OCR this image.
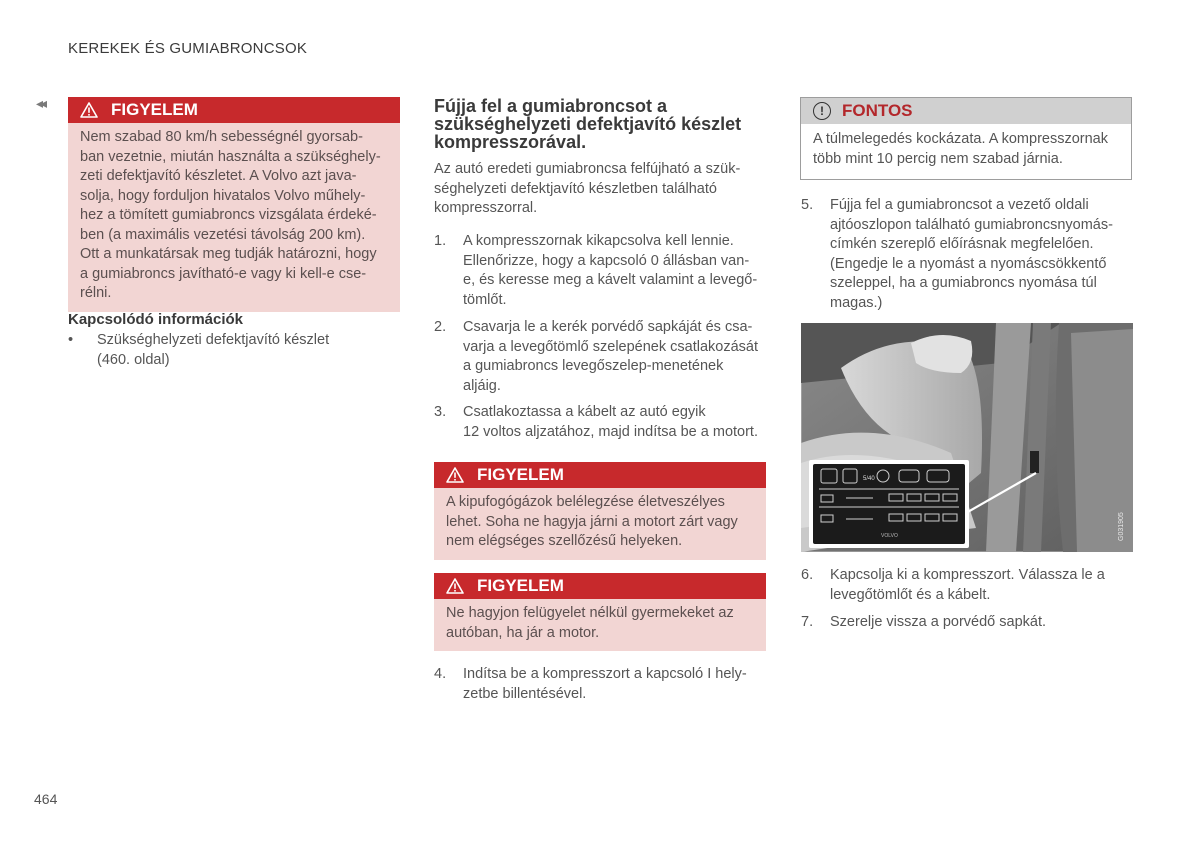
KEREKEK ÉS GUMIABRONCSOK
◂◂	FIGYELEM
Nem szabad 80 km/h sebességnél gyorsab-
ban vezetnie, miután használta a szükséghely-
zeti defektjavító készletet. A Volvo azt java-
solja, hogy forduljon hivatalos Volvo műhely-
hez a tömített gumiabroncs vizsgálata érdeké-
ben (a maximális vezetési távolság 200 km).
Ott a munkatársak meg tudják határozni, hogy
a gumiabroncs javítható-e vagy ki kell-e cse-
rélni.
Kapcsolódó információk
• Szükséghelyzeti defektjavító készlet
(460. oldal)
Fújja fel a gumiabroncsot a
szükséghelyzeti defektjavító készlet
kompresszorával.
Az autó eredeti gumiabroncsa felfújható a szük-
séghelyzeti defektjavító készletben található
kompresszorral.
1. A kompresszornak kikapcsolva kell lennie.
Ellenőrizze, hogy a kapcsoló 0 állásban van-
e, és keresse meg a kávelt valamint a levegő-
tömlőt.
2. Csavarja le a kerék porvédő sapkáját és csa-
varja a levegőtömlő szelepének csatlakozását
a gumiabroncs levegőszelep-menetének
aljáig.
3. Csatlakoztassa a kábelt az autó egyik
12 voltos aljzatához, majd indítsa be a motort.
FIGYELEM
A kipufogógázok belélegzése életveszélyes
lehet. Soha ne hagyja járni a motort zárt vagy
nem elégséges szellőzésű helyeken.
FIGYELEM
Ne hagyjon felügyelet nélkül gyermekeket az
autóban, ha jár a motor.
4. Indítsa be a kompresszort a kapcsoló I hely-
zetbe billentésével.
!	FONTOS
A túlmelegedés kockázata. A kompresszornak
több mint 10 percig nem szabad járnia.
5. Fújja fel a gumiabroncsot a vezető oldali
ajtóoszlopon található gumiabroncsnyomás-
címkén szereplő előírásnak megfelelően.
(Engedje le a nyomást a nyomáscsökkentő
szeleppel, ha a gumiabroncs nyomása túl
magas.)
5/40
VOLVO	G031905
6. Kapcsolja ki a kompresszort. Válassza le a
levegőtömlőt és a kábelt.
7. Szerelje vissza a porvédő sapkát.
464
